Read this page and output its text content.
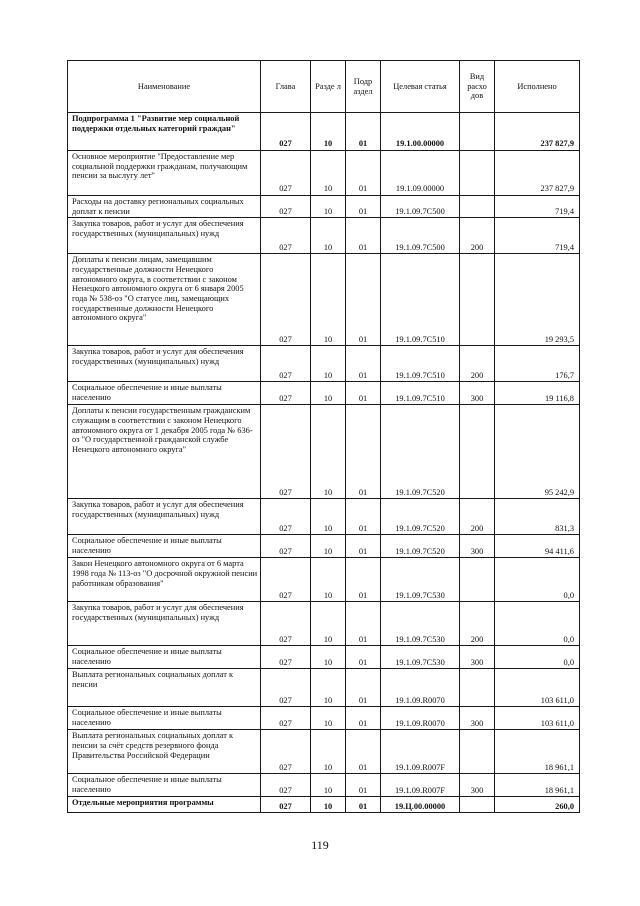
Наименование	Глава	Разде л	Подр аздел	Целевая статья	Вид расхо дов	Исполнено
Подпрограмма 1 "Развитие мер социальной поддержки отдельных категорий граждан"	027	10	01	19.1.00.00000		237 827,9
Основное мероприятие "Предоставление мер социальной поддержки гражданам, получающим пенсии за выслугу лет"	027	10	01	19.1.09.00000		237 827,9
Расходы на доставку региональных социальных доплат к пенсии	027	10	01	19.1.09.7C500		719,4
Закупка товаров, работ и услуг для обеспечения государственных (муниципальных) нужд	027	10	01	19.1.09.7C500	200	719,4
Доплаты к пенсии лицам, замещавшим государственные должности Ненецкого автономного округа, в соответствии с законом Ненецкого автономного округа от 6 января 2005 года № 538-оз "О статусе лиц, замещающих государственные должности Ненецкого автономного округа"	027	10	01	19.1.09.7C510		19 293,5
Закупка товаров, работ и услуг для обеспечения государственных (муниципальных) нужд	027	10	01	19.1.09.7C510	200	176,7
Социальное обеспечение и иные выплаты населению	027	10	01	19.1.09.7C510	300	19 116,8
Доплаты к пенсии государственным гражданским служащим в соответствии с законом Ненецкого автономного округа от 1 декабря 2005 года № 636-оз "О государственной гражданской службе Ненецкого автономного округа"	027	10	01	19.1.09.7C520		95 242,9
Закупка товаров, работ и услуг для обеспечения государственных (муниципальных) нужд	027	10	01	19.1.09.7C520	200	831,3
Социальное обеспечение и иные выплаты населению	027	10	01	19.1.09.7C520	300	94 411,6
Закон Ненецкого автономного округа от 6 марта 1998 года № 113-оз "О досрочной окружной пенсии работникам образования"	027	10	01	19.1.09.7C530		0,0
Закупка товаров, работ и услуг для обеспечения государственных (муниципальных) нужд	027	10	01	19.1.09.7C530	200	0,0
Социальное обеспечение и иные выплаты населению	027	10	01	19.1.09.7C530	300	0,0
Выплата региональных социальных доплат к пенсии	027	10	01	19.1.09.R0070		103 611,0
Социальное обеспечение и иные выплаты населению	027	10	01	19.1.09.R0070	300	103 611,0
Выплата региональных социальных доплат к пенсии за счёт средств резервного фонда Правительства Российской Федерации	027	10	01	19.1.09.R007F		18 961,1
Социальное обеспечение и иные выплаты населению	027	10	01	19.1.09.R007F	300	18 961,1
Отдельные мероприятия программы	027	10	01	19.Ц.00.00000		260,0
119
